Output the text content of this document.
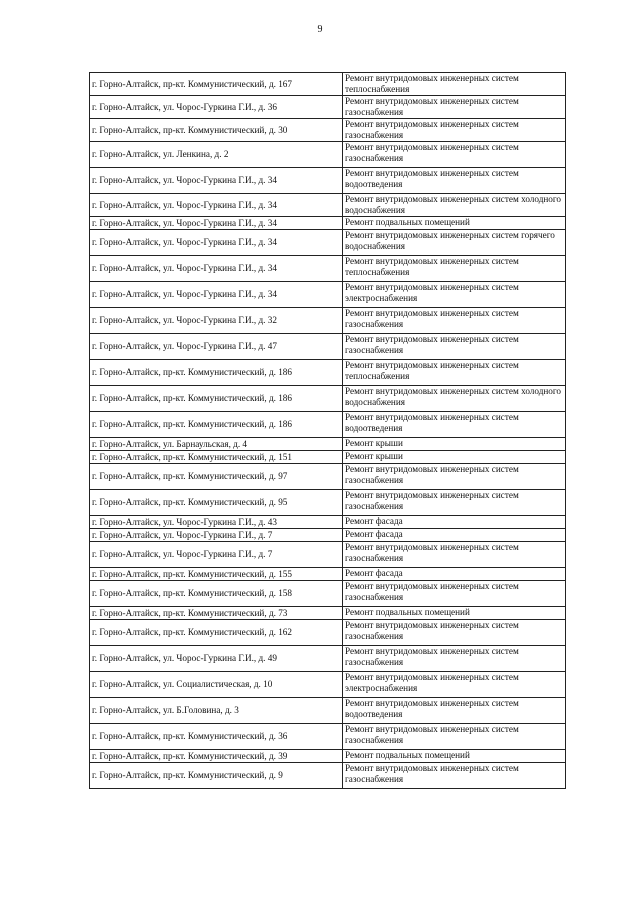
9
г. Горно-Алтайск, пр-кт. Коммунистический, д. 167	Ремонт внутридомовых инженерных систем теплоснабжения
г. Горно-Алтайск, ул. Чорос-Гуркина Г.И., д. 36	Ремонт внутридомовых инженерных систем газоснабжения
г. Горно-Алтайск, пр-кт. Коммунистический, д. 30	Ремонт внутридомовых инженерных систем газоснабжения
г. Горно-Алтайск, ул. Ленкина, д. 2	Ремонт внутридомовых инженерных систем газоснабжения
г. Горно-Алтайск, ул. Чорос-Гуркина Г.И., д. 34	Ремонт внутридомовых инженерных систем водоотведения
г. Горно-Алтайск, ул. Чорос-Гуркина Г.И., д. 34	Ремонт внутридомовых инженерных систем холодного водоснабжения
г. Горно-Алтайск, ул. Чорос-Гуркина Г.И., д. 34	Ремонт подвальных помещений
г. Горно-Алтайск, ул. Чорос-Гуркина Г.И., д. 34	Ремонт внутридомовых инженерных систем горячего водоснабжения
г. Горно-Алтайск, ул. Чорос-Гуркина Г.И., д. 34	Ремонт внутридомовых инженерных систем теплоснабжения
г. Горно-Алтайск, ул. Чорос-Гуркина Г.И., д. 34	Ремонт внутридомовых инженерных систем электроснабжения
г. Горно-Алтайск, ул. Чорос-Гуркина Г.И., д. 32	Ремонт внутридомовых инженерных систем газоснабжения
г. Горно-Алтайск, ул. Чорос-Гуркина Г.И., д. 47	Ремонт внутридомовых инженерных систем газоснабжения
г. Горно-Алтайск, пр-кт. Коммунистический, д. 186	Ремонт внутридомовых инженерных систем теплоснабжения
г. Горно-Алтайск, пр-кт. Коммунистический, д. 186	Ремонт внутридомовых инженерных систем холодного водоснабжения
г. Горно-Алтайск, пр-кт. Коммунистический, д. 186	Ремонт внутридомовых инженерных систем водоотведения
г. Горно-Алтайск, ул. Барнаульская, д. 4	Ремонт крыши
г. Горно-Алтайск, пр-кт. Коммунистический, д. 151	Ремонт крыши
г. Горно-Алтайск, пр-кт. Коммунистический, д. 97	Ремонт внутридомовых инженерных систем газоснабжения
г. Горно-Алтайск, пр-кт. Коммунистический, д. 95	Ремонт внутридомовых инженерных систем газоснабжения
г. Горно-Алтайск, ул. Чорос-Гуркина Г.И., д. 43	Ремонт фасада
г. Горно-Алтайск, ул. Чорос-Гуркина Г.И., д. 7	Ремонт фасада
г. Горно-Алтайск, ул. Чорос-Гуркина Г.И., д. 7	Ремонт внутридомовых инженерных систем газоснабжения
г. Горно-Алтайск, пр-кт. Коммунистический, д. 155	Ремонт фасада
г. Горно-Алтайск, пр-кт. Коммунистический, д. 158	Ремонт внутридомовых инженерных систем газоснабжения
г. Горно-Алтайск, пр-кт. Коммунистический, д. 73	Ремонт подвальных помещений
г. Горно-Алтайск, пр-кт. Коммунистический, д. 162	Ремонт внутридомовых инженерных систем газоснабжения
г. Горно-Алтайск, ул. Чорос-Гуркина Г.И., д. 49	Ремонт внутридомовых инженерных систем газоснабжения
г. Горно-Алтайск, ул. Социалистическая, д. 10	Ремонт внутридомовых инженерных систем электроснабжения
г. Горно-Алтайск, ул. Б.Головина, д. 3	Ремонт внутридомовых инженерных систем водоотведения
г. Горно-Алтайск, пр-кт. Коммунистический, д. 36	Ремонт внутридомовых инженерных систем газоснабжения
г. Горно-Алтайск, пр-кт. Коммунистический, д. 39	Ремонт подвальных помещений
г. Горно-Алтайск, пр-кт. Коммунистический, д. 9	Ремонт внутридомовых инженерных систем газоснабжения
